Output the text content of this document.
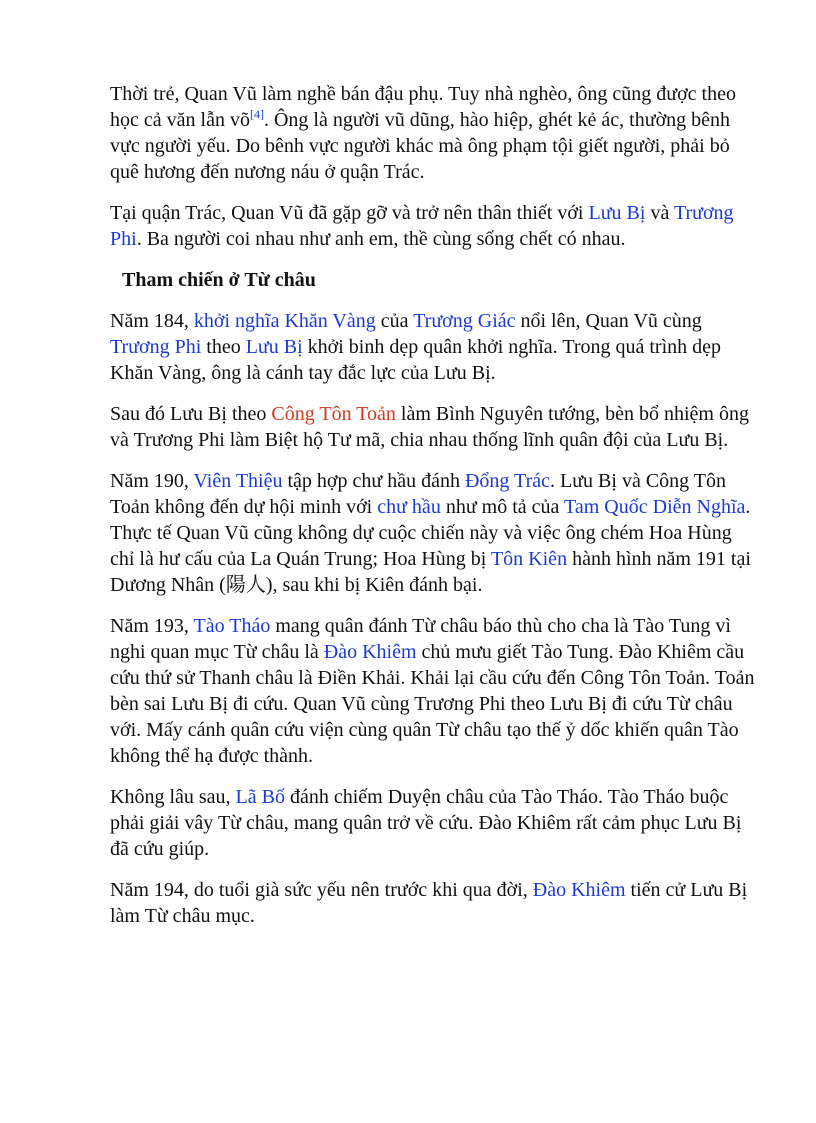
Thời trẻ, Quan Vũ làm nghề bán đậu phụ. Tuy nhà nghèo, ông cũng được theo học cả văn lẫn võ[4]. Ông là người vũ dũng, hào hiệp, ghét kẻ ác, thường bênh vực người yếu. Do bênh vực người khác mà ông phạm tội giết người, phải bỏ quê hương đến nương náu ở quận Trác.

Tại quận Trác, Quan Vũ đã gặp gỡ và trở nên thân thiết với Lưu Bị và Trương Phi. Ba người coi nhau như anh em, thề cùng sống chết có nhau.

Tham chiến ở Từ châu

Năm 184, khởi nghĩa Khăn Vàng của Trương Giác nổi lên, Quan Vũ cùng Trương Phi theo Lưu Bị khởi binh dẹp quân khởi nghĩa. Trong quá trình dẹp Khăn Vàng, ông là cánh tay đắc lực của Lưu Bị.

Sau đó Lưu Bị theo Công Tôn Toản làm Bình Nguyên tướng, bèn bổ nhiệm ông và Trương Phi làm Biệt hộ Tư mã, chia nhau thống lĩnh quân đội của Lưu Bị.

Năm 190, Viên Thiệu tập hợp chư hầu đánh Đổng Trác. Lưu Bị và Công Tôn Toản không đến dự hội minh với chư hầu như mô tả của Tam Quốc Diễn Nghĩa. Thực tế Quan Vũ cũng không dự cuộc chiến này và việc ông chém Hoa Hùng chỉ là hư cấu của La Quán Trung; Hoa Hùng bị Tôn Kiên hành hình năm 191 tại Dương Nhân (陽人), sau khi bị Kiên đánh bại.

Năm 193, Tào Tháo mang quân đánh Từ châu báo thù cho cha là Tào Tung vì nghi quan mục Từ châu là Đào Khiêm chủ mưu giết Tào Tung. Đào Khiêm cầu cứu thứ sử Thanh châu là Điền Khải. Khải lại cầu cứu đến Công Tôn Toản. Toản bèn sai Lưu Bị đi cứu. Quan Vũ cùng Trương Phi theo Lưu Bị đi cứu Từ châu với. Mấy cánh quân cứu viện cùng quân Từ châu tạo thế ỷ dốc khiến quân Tào không thể hạ được thành.

Không lâu sau, Lã Bố đánh chiếm Duyện châu của Tào Tháo. Tào Tháo buộc phải giải vây Từ châu, mang quân trở về cứu. Đào Khiêm rất cảm phục Lưu Bị đã cứu giúp.

Năm 194, do tuổi già sức yếu nên trước khi qua đời, Đào Khiêm tiến cử Lưu Bị làm Từ châu mục.
